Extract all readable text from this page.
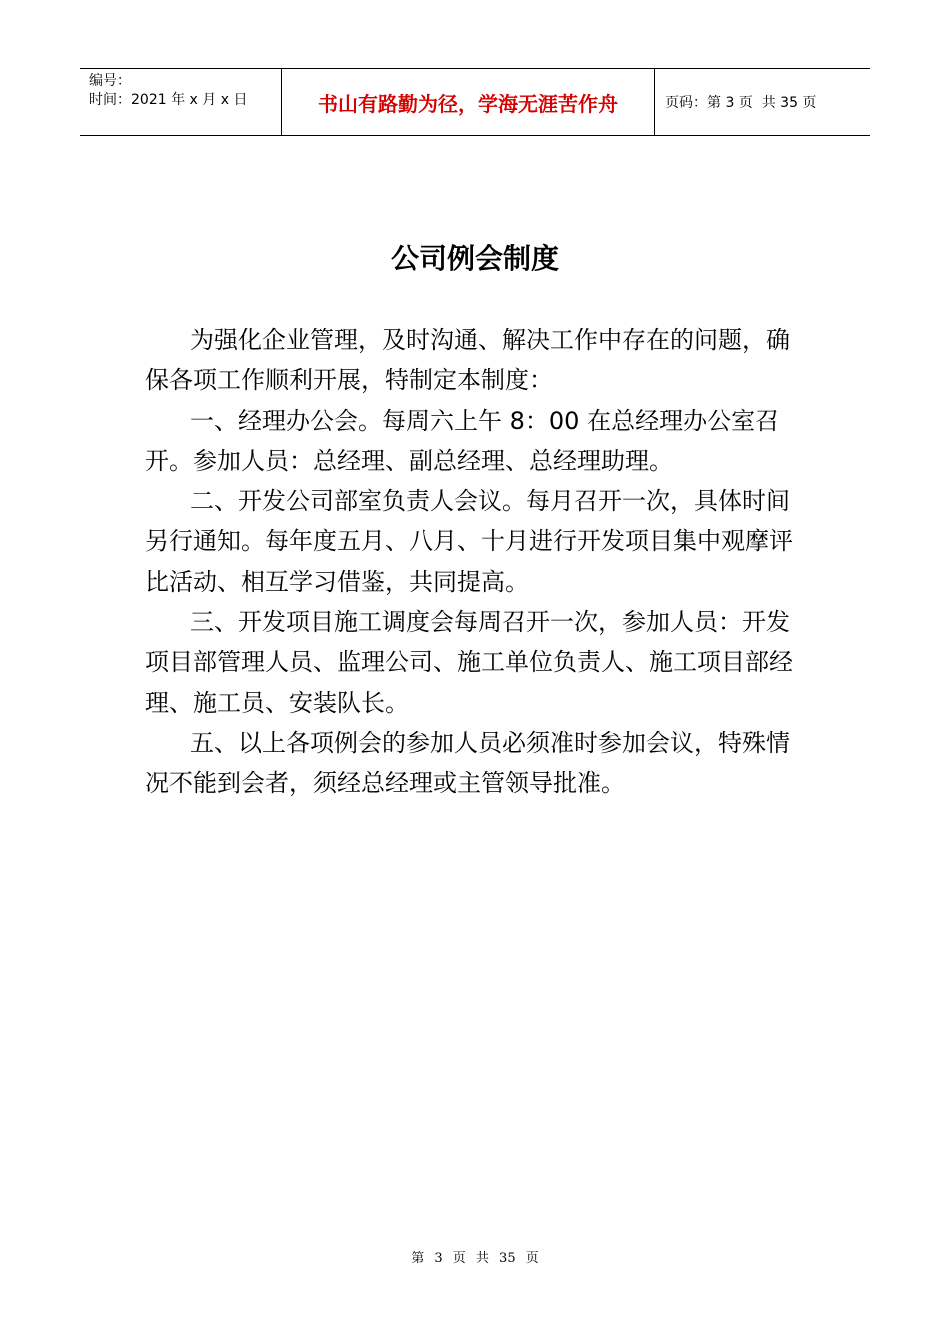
编号：
时间：2021 年 x 月 x 日	书山有路勤为径，学海无涯苦作舟	页码：第 3 页  共 35 页
公司例会制度

为强化企业管理，及时沟通、解决工作中存在的问题，确保各项工作顺利开展，特制定本制度：

一、经理办公会。每周六上午 8：00 在总经理办公室召开。参加人员：总经理、副总经理、总经理助理。

二、开发公司部室负责人会议。每月召开一次，具体时间另行通知。每年度五月、八月、十月进行开发项目集中观摩评比活动、相互学习借鉴，共同提高。

三、开发项目施工调度会每周召开一次，参加人员：开发项目部管理人员、监理公司、施工单位负责人、施工项目部经理、施工员、安装队长。

五、以上各项例会的参加人员必须准时参加会议，特殊情况不能到会者，须经总经理或主管领导批准。

第 3 页 共 35 页
